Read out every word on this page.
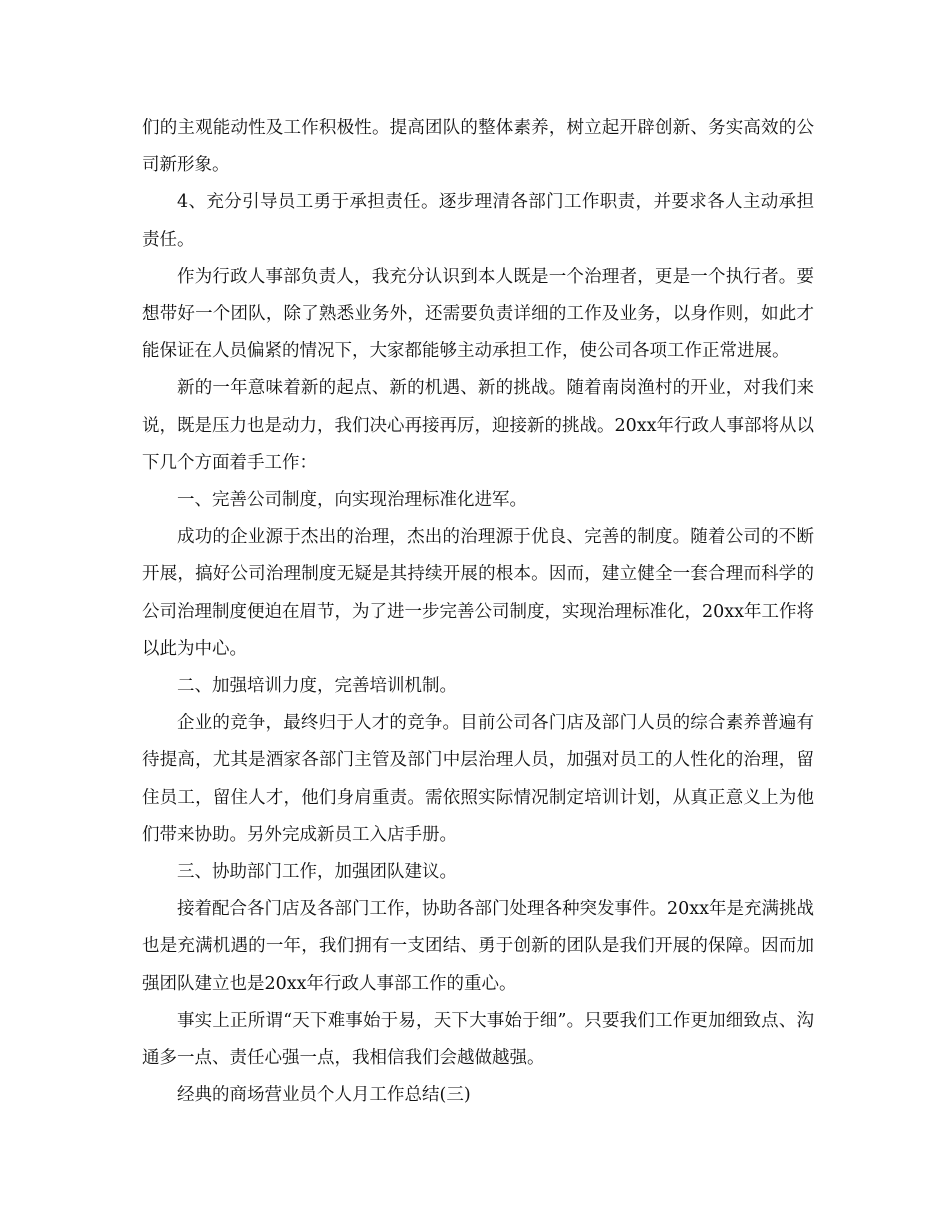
们的主观能动性及工作积极性。提高团队的整体素养，树立起开辟创新、务实高效的公司新形象。

4、充分引导员工勇于承担责任。逐步理清各部门工作职责，并要求各人主动承担责任。

作为行政人事部负责人，我充分认识到本人既是一个治理者，更是一个执行者。要想带好一个团队，除了熟悉业务外，还需要负责详细的工作及业务，以身作则，如此才能保证在人员偏紧的情况下，大家都能够主动承担工作，使公司各项工作正常进展。

新的一年意味着新的起点、新的机遇、新的挑战。随着南岗渔村的开业，对我们来说，既是压力也是动力，我们决心再接再厉，迎接新的挑战。20xx年行政人事部将从以下几个方面着手工作：

一、完善公司制度，向实现治理标准化进军。

成功的企业源于杰出的治理，杰出的治理源于优良、完善的制度。随着公司的不断开展，搞好公司治理制度无疑是其持续开展的根本。因而，建立健全一套合理而科学的公司治理制度便迫在眉节，为了进一步完善公司制度，实现治理标准化，20xx年工作将以此为中心。

二、加强培训力度，完善培训机制。

企业的竞争，最终归于人才的竞争。目前公司各门店及部门人员的综合素养普遍有待提高，尤其是酒家各部门主管及部门中层治理人员，加强对员工的人性化的治理，留住员工，留住人才，他们身肩重责。需依照实际情况制定培训计划，从真正意义上为他们带来协助。另外完成新员工入店手册。

三、协助部门工作，加强团队建议。

接着配合各门店及各部门工作，协助各部门处理各种突发事件。20xx年是充满挑战也是充满机遇的一年，我们拥有一支团结、勇于创新的团队是我们开展的保障。因而加强团队建立也是20xx年行政人事部工作的重心。

事实上正所谓“天下难事始于易，天下大事始于细”。只要我们工作更加细致点、沟通多一点、责任心强一点，我相信我们会越做越强。

经典的商场营业员个人月工作总结(三)
